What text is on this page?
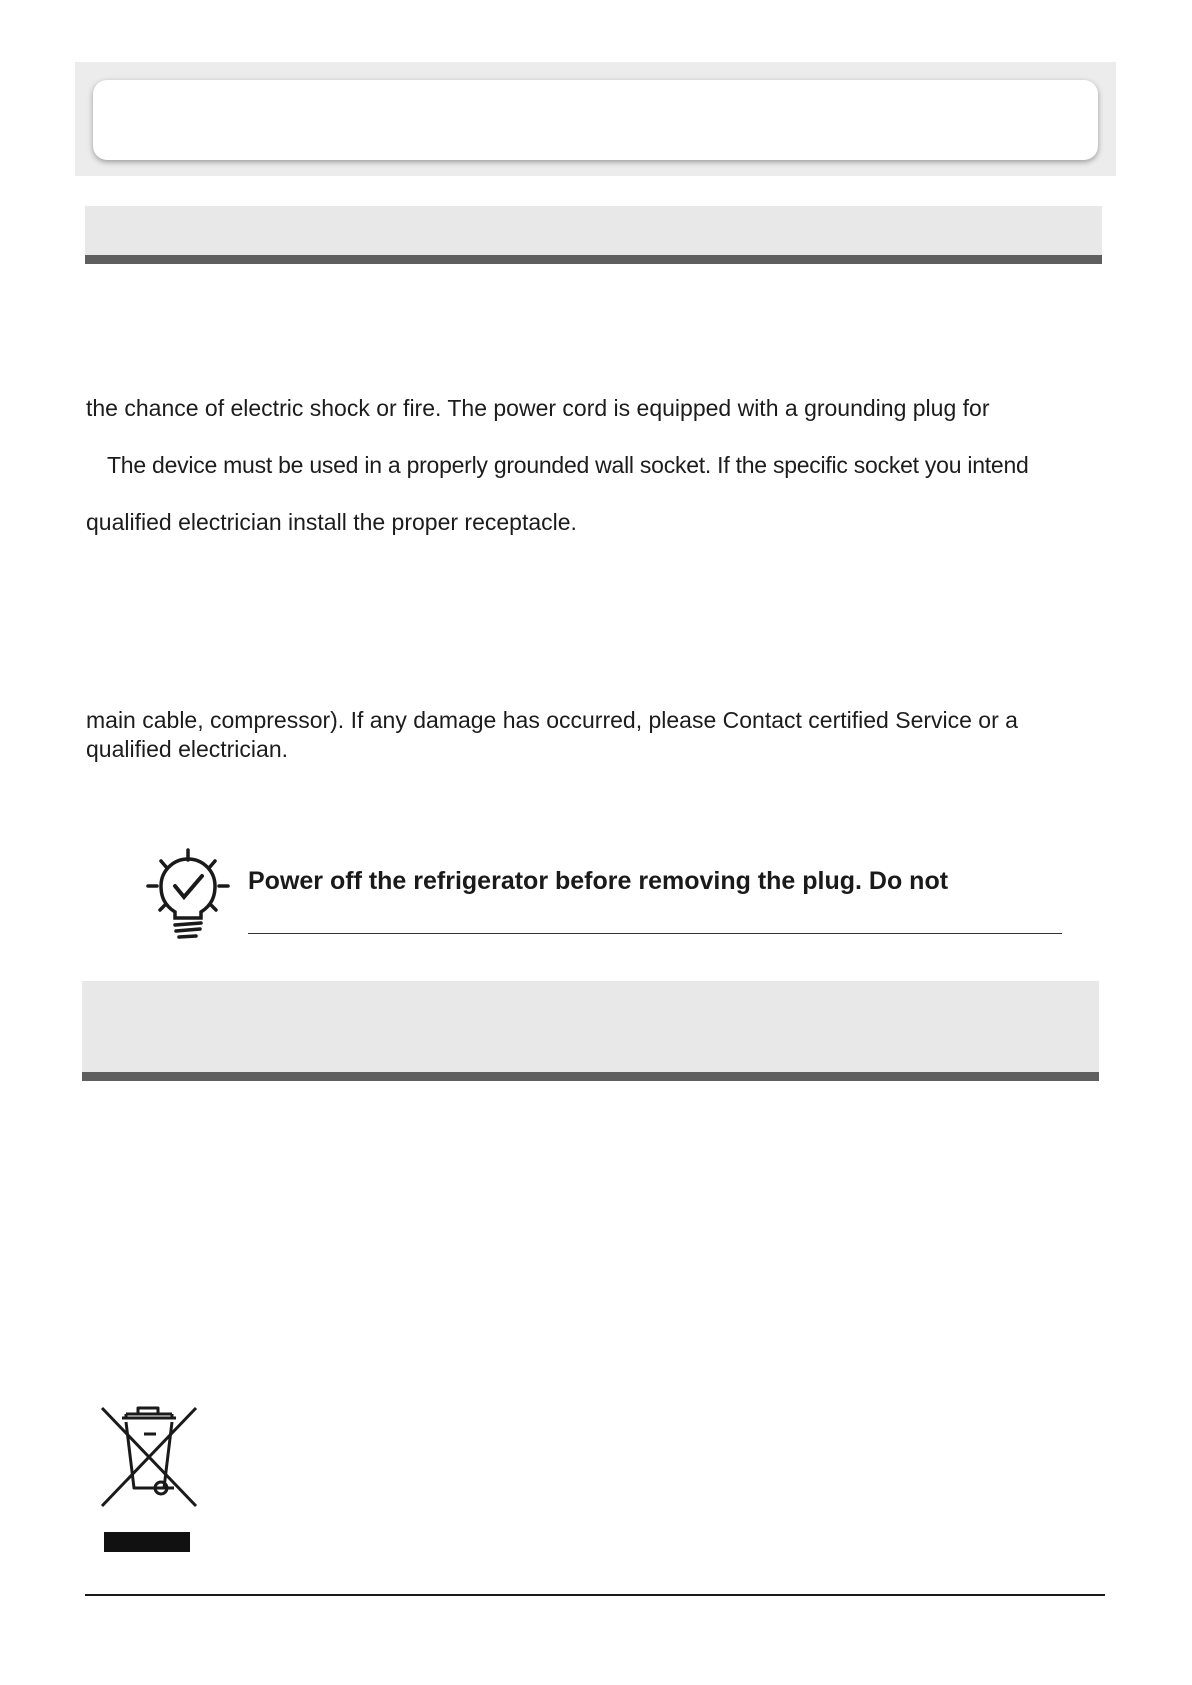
the chance of electric shock or fire. The power cord is equipped with a grounding plug for
The device must be used in a properly grounded wall socket. If the specific socket you intend
qualified electrician install the proper receptacle.
main cable, compressor). If any damage has occurred, please Contact certified Service or a
qualified electrician.
Power off the refrigerator before removing the plug. Do not
